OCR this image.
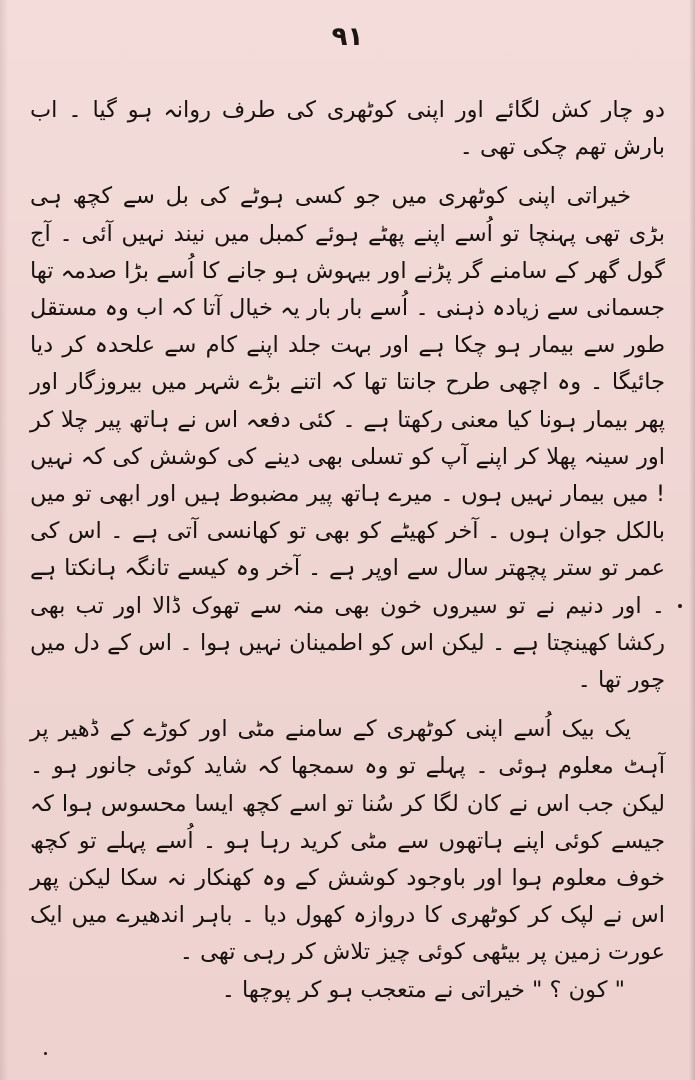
۹۱

دو چار کش لگائے اور اپنی کوٹھری کی طرف روانہ ہو گیا ۔ اب بارش تھم چکی تھی ۔

خیراتی اپنی کوٹھری میں جو کسی ہوٹے کی بل سے کچھ ہی بڑی تھی پہنچا تو اُسے اپنے پھٹے ہوئے کمبل میں نیند نہیں آئی ۔ آج گول گھر کے سامنے گر پڑنے اور بیہوش ہو جانے کا اُسے بڑا صدمہ تھا جسمانی سے زیادہ ذہنی ۔ اُسے بار بار یہ خیال آتا کہ اب وہ مستقل طور سے بیمار ہو چکا ہے اور بہت جلد اپنے کام سے علحدہ کر دیا جائیگا ۔ وہ اچھی طرح جانتا تھا کہ اتنے بڑے شہر میں بیروزگار اور پھر بیمار ہونا کیا معنی رکھتا ہے ۔ کئی دفعہ اس نے ہاتھ پیر چلا کر اور سینہ پھلا کر اپنے آپ کو تسلی بھی دینے کی کوشش کی کہ نہیں ! میں بیمار نہیں ہوں ۔ میرے ہاتھ پیر مضبوط ہیں اور ابھی تو میں بالکل جوان ہوں ۔ آخر کھیٹے کو بھی تو کھانسی آتی ہے ۔ اس کی عمر تو ستر پچھتر سال سے اوپر ہے ۔ آخر وہ کیسے تانگہ ہانکتا ہے ۔ اور دنیم نے تو سیروں خون بھی منہ سے تھوک ڈالا اور تب بھی رکشا کھینچتا ہے ۔ لیکن اس کو اطمینان نہیں ہوا ۔ اس کے دل میں چور تھا ۔

یک بیک اُسے اپنی کوٹھری کے سامنے مٹی اور کوڑے کے ڈھیر پر آہٹ معلوم ہوئی ۔ پہلے تو وہ سمجھا کہ شاید کوئی جانور ہو ۔ لیکن جب اس نے کان لگا کر سُنا تو اسے کچھ ایسا محسوس ہوا کہ جیسے کوئی اپنے ہاتھوں سے مٹی کرید رہا ہو ۔ اُسے پہلے تو کچھ خوف معلوم ہوا اور باوجود کوشش کے وہ کھنکار نہ سکا لیکن پھر اس نے لپک کر کوٹھری کا دروازہ کھول دیا ۔ باہر اندھیرے میں ایک عورت زمین پر بیٹھی کوئی چیز تلاش کر رہی تھی ۔

" کون ؟ " خیراتی نے متعجب ہو کر پوچھا ۔
